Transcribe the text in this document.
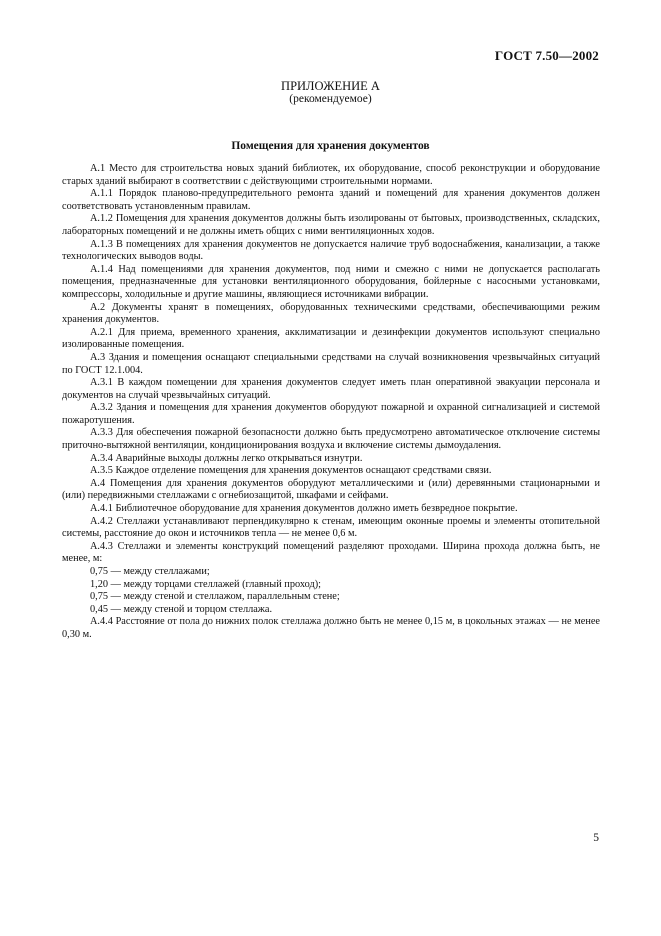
ГОСТ 7.50—2002
ПРИЛОЖЕНИЕ А
(рекомендуемое)
Помещения для хранения документов

А.1 Место для строительства новых зданий библиотек, их оборудование, способ реконструкции и оборудование старых зданий выбирают в соответствии с действующими строительными нормами.

А.1.1 Порядок планово-предупредительного ремонта зданий и помещений для хранения документов должен соответствовать установленным правилам.

А.1.2 Помещения для хранения документов должны быть изолированы от бытовых, производственных, складских, лабораторных помещений и не должны иметь общих с ними вентиляционных ходов.

А.1.3 В помещениях для хранения документов не допускается наличие труб водоснабжения, канализации, а также технологических выводов воды.

А.1.4 Над помещениями для хранения документов, под ними и смежно с ними не допускается располагать помещения, предназначенные для установки вентиляционного оборудования, бойлерные с насосными установками, компрессоры, холодильные и другие машины, являющиеся источниками вибрации.

А.2 Документы хранят в помещениях, оборудованных техническими средствами, обеспечивающими режим хранения документов.

А.2.1 Для приема, временного хранения, акклиматизации и дезинфекции документов используют специально изолированные помещения.

А.3 Здания и помещения оснащают специальными средствами на случай возникновения чрезвычайных ситуаций по ГОСТ 12.1.004.

А.3.1 В каждом помещении для хранения документов следует иметь план оперативной эвакуации персонала и документов на случай чрезвычайных ситуаций.

А.3.2 Здания и помещения для хранения документов оборудуют пожарной и охранной сигнализацией и системой пожаротушения.

А.3.3 Для обеспечения пожарной безопасности должно быть предусмотрено автоматическое отключение системы приточно-вытяжной вентиляции, кондиционирования воздуха и включение системы дымоудаления.

А.3.4 Аварийные выходы должны легко открываться изнутри.

А.3.5 Каждое отделение помещения для хранения документов оснащают средствами связи.

А.4 Помещения для хранения документов оборудуют металлическими и (или) деревянными стационарными и (или) передвижными стеллажами с огнебиозащитой, шкафами и сейфами.

А.4.1 Библиотечное оборудование для хранения документов должно иметь безвредное покрытие.

А.4.2 Стеллажи устанавливают перпендикулярно к стенам, имеющим оконные проемы и элементы отопительной системы, расстояние до окон и источников тепла — не менее 0,6 м.

А.4.3 Стеллажи и элементы конструкций помещений разделяют проходами. Ширина прохода должна быть, не менее, м:

0,75 — между стеллажами;

1,20 — между торцами стеллажей (главный проход);

0,75 — между стеной и стеллажом, параллельным стене;

0,45 — между стеной и торцом стеллажа.

А.4.4 Расстояние от пола до нижних полок стеллажа должно быть не менее 0,15 м, в цокольных этажах — не менее 0,30 м.

5
